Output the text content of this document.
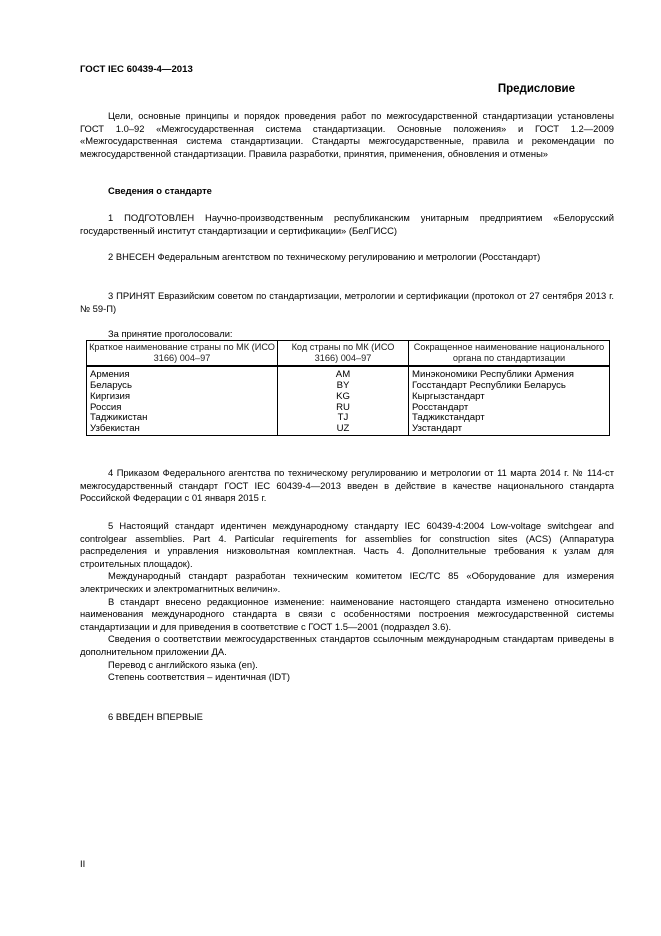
ГОСТ IEC 60439-4—2013
Предисловие
Цели, основные принципы и порядок проведения работ по межгосударственной стандартизации установлены ГОСТ 1.0–92 «Межгосударственная система стандартизации. Основные положения» и ГОСТ 1.2—2009 «Межгосударственная система стандартизации. Стандарты межгосударственные, правила и рекомендации по межгосударственной стандартизации. Правила разработки, принятия, применения, обновления и отмены»
Сведения о стандарте
1 ПОДГОТОВЛЕН Научно-производственным республиканским унитарным предприятием «Белорусский государственный институт стандартизации и сертификации» (БелГИСС)
2 ВНЕСЕН Федеральным агентством по техническому регулированию и метрологии (Росстандарт)
3 ПРИНЯТ Евразийским советом по стандартизации, метрологии и сертификации (протокол от 27 сентября 2013 г. № 59-П)
За принятие проголосовали:
Краткое наименование страны по МК (ИСО 3166) 004–97	Код страны по МК (ИСО 3166) 004–97	Сокращенное наименование национального органа по стандартизации
Армения	AM	Минэкономики Республики Армения
Беларусь	BY	Госстандарт Республики Беларусь
Киргизия	KG	Кыргызстандарт
Россия	RU	Росстандарт
Таджикистан	TJ	Таджикстандарт
Узбекистан	UZ	Узстандарт
4 Приказом Федерального агентства по техническому регулированию и метрологии от 11 марта 2014 г. № 114-ст межгосударственный стандарт ГОСТ IEC 60439-4—2013 введен в действие в качестве национального стандарта Российской Федерации с 01 января 2015 г.

5 Настоящий стандарт идентичен международному стандарту IEC 60439-4:2004 Low-voltage switchgear and controlgear assemblies. Part 4. Particular requirements for assemblies for construction sites (ACS) (Аппаратура распределения и управления низковольтная комплектная. Часть 4. Дополнительные требования к узлам для строительных площадок).

Международный стандарт разработан техническим комитетом IEC/TC 85 «Оборудование для измерения электрических и электромагнитных величин».

В стандарт внесено редакционное изменение: наименование настоящего стандарта изменено относительно наименования международного стандарта в связи с особенностями построения межгосударственной системы стандартизации и для приведения в соответствие с ГОСТ 1.5—2001 (подраздел 3.6).

Сведения о соответствии межгосударственных стандартов ссылочным международным стандартам приведены в дополнительном приложении ДА.

Перевод с английского языка (en).

Степень соответствия – идентичная (IDT)

6 ВВЕДЕН ВПЕРВЫЕ
II
